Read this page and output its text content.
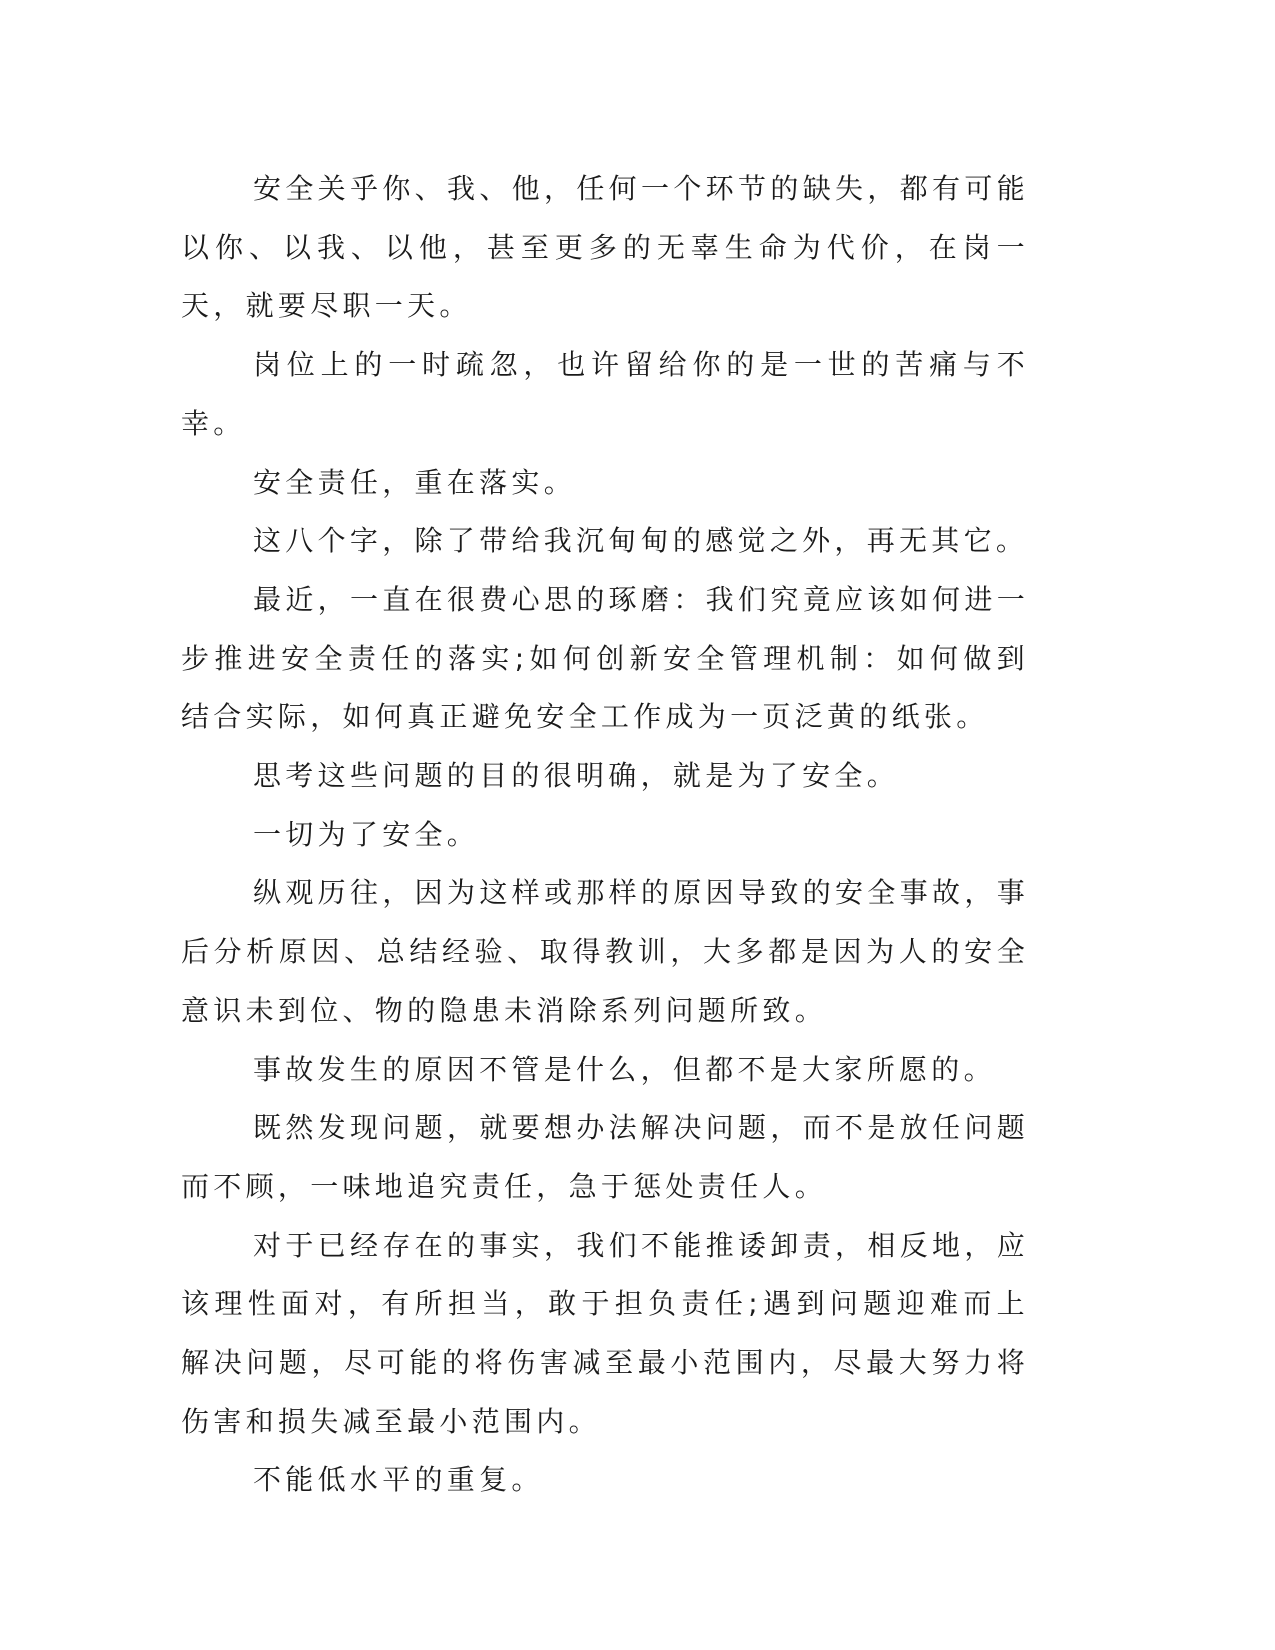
安全关乎你、我、他，任何一个环节的缺失，都有可能以你、以我、以他，甚至更多的无辜生命为代价，在岗一天，就要尽职一天。

岗位上的一时疏忽，也许留给你的是一世的苦痛与不幸。

安全责任，重在落实。

这八个字，除了带给我沉甸甸的感觉之外，再无其它。

最近，一直在很费心思的琢磨：我们究竟应该如何进一步推进安全责任的落实;如何创新安全管理机制：如何做到结合实际，如何真正避免安全工作成为一页泛黄的纸张。

思考这些问题的目的很明确，就是为了安全。

一切为了安全。

纵观历往，因为这样或那样的原因导致的安全事故，事后分析原因、总结经验、取得教训，大多都是因为人的安全意识未到位、物的隐患未消除系列问题所致。

事故发生的原因不管是什么，但都不是大家所愿的。

既然发现问题，就要想办法解决问题，而不是放任问题而不顾，一味地追究责任，急于惩处责任人。

对于已经存在的事实，我们不能推诿卸责，相反地，应该理性面对，有所担当，敢于担负责任;遇到问题迎难而上解决问题，尽可能的将伤害减至最小范围内，尽最大努力将伤害和损失减至最小范围内。

不能低水平的重复。
